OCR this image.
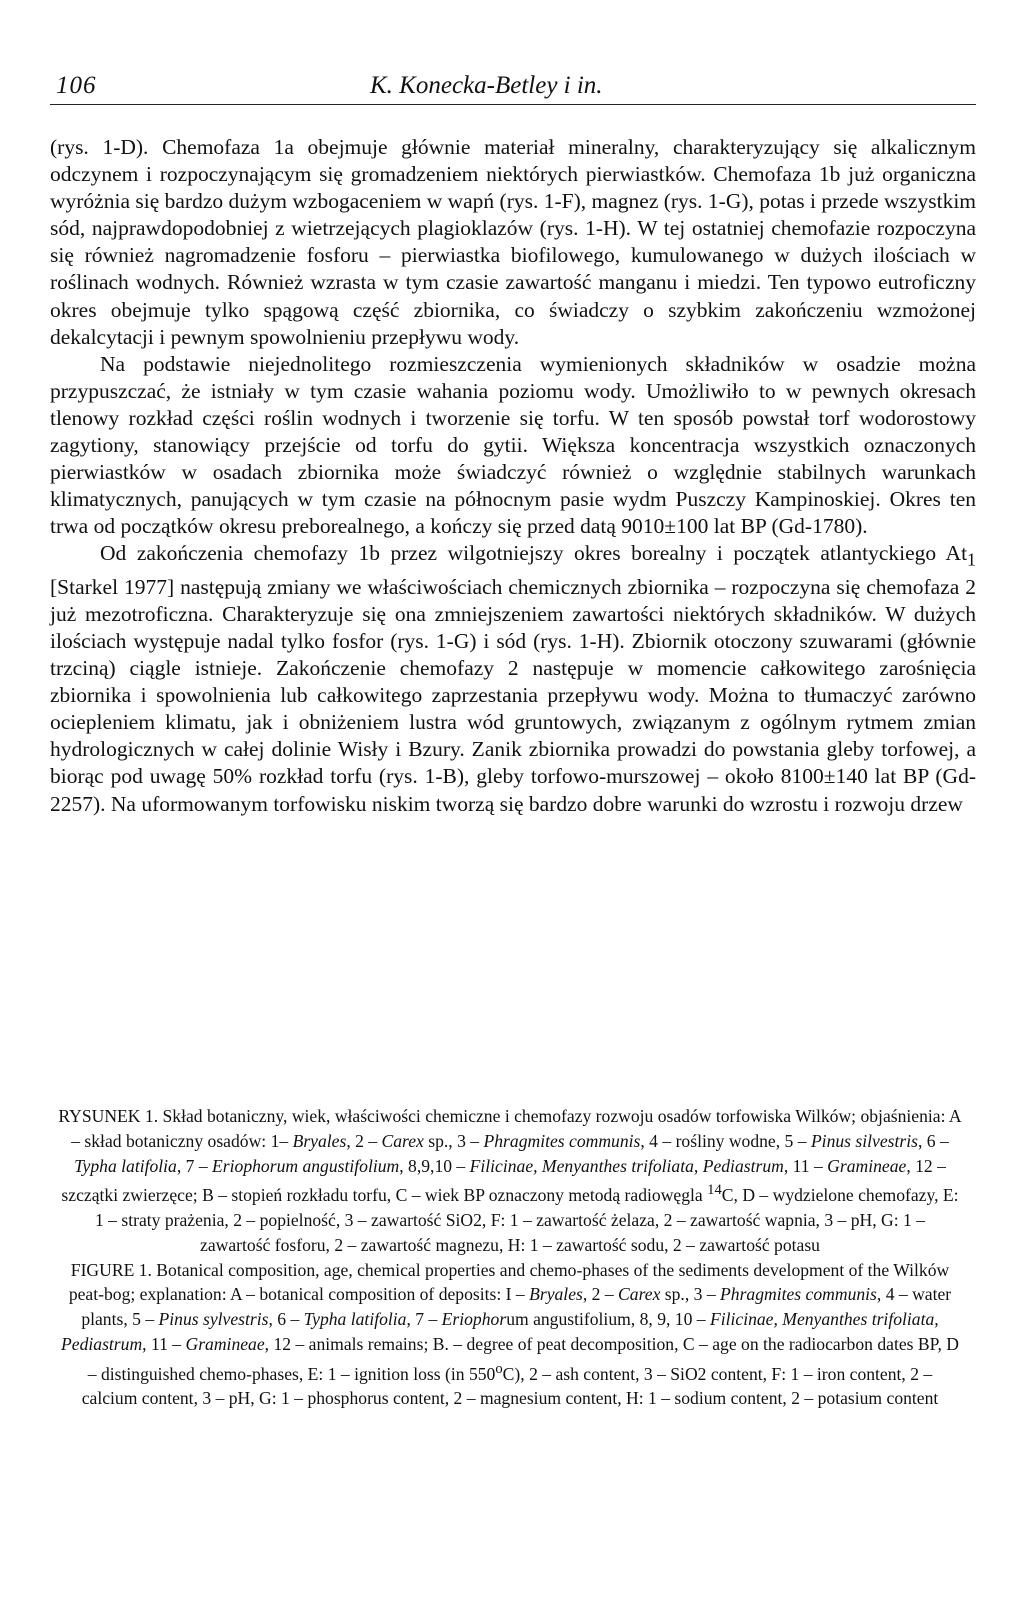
106	K. Konecka-Betley i in.

(rys. 1-D). Chemofaza 1a obejmuje głównie materiał mineralny, charakteryzujący się alkalicznym odczynem i rozpoczynającym się gromadzeniem niektórych pierwiastków. Chemofaza 1b już organiczna wyróżnia się bardzo dużym wzbogaceniem w wapń (rys. 1-F), magnez (rys. 1-G), potas i przede wszystkim sód, najprawdopodobniej z wietrzejących plagioklazów (rys. 1-H). W tej ostatniej chemofazie rozpoczyna się również nagromadzenie fosforu – pierwiastka biofilowego, kumulowanego w dużych ilościach w roślinach wodnych. Również wzrasta w tym czasie zawartość manganu i miedzi. Ten typowo eutroficzny okres obejmuje tylko spągową część zbiornika, co świadczy o szybkim zakończeniu wzmożonej dekalcytacji i pewnym spowolnieniu przepływu wody.

Na podstawie niejednolitego rozmieszczenia wymienionych składników w osadzie można przypuszczać, że istniały w tym czasie wahania poziomu wody. Umożliwiło to w pewnych okresach tlenowy rozkład części roślin wodnych i tworzenie się torfu. W ten sposób powstał torf wodorostowy zagytiony, stanowiący przejście od torfu do gytii. Większa koncentracja wszystkich oznaczonych pierwiastków w osadach zbiornika może świadczyć również o względnie stabilnych warunkach klimatycznych, panujących w tym czasie na północnym pasie wydm Puszczy Kampinoskiej. Okres ten trwa od początków okresu preborealnego, a kończy się przed datą 9010±100 lat BP (Gd-1780).

Od zakończenia chemofazy 1b przez wilgotniejszy okres borealny i początek atlantyckiego $At_1$ [Starkel 1977] następują zmiany we właściwościach chemicznych zbiornika – rozpoczyna się chemofaza 2 już mezotroficzna. Charakteryzuje się ona zmniejszeniem zawartości niektórych składników. W dużych ilościach występuje nadal tylko fosfor (rys. 1-G) i sód (rys. 1-H). Zbiornik otoczony szuwarami (głównie trzciną) ciągle istnieje. Zakończenie chemofazy 2 następuje w momencie całkowitego zarośnięcia zbiornika i spowolnienia lub całkowitego zaprzestania przepływu wody. Można to tłumaczyć zarówno ociepleniem klimatu, jak i obniżeniem lustra wód gruntowych, związanym z ogólnym rytmem zmian hydrologicznych w całej dolinie Wisły i Bzury. Zanik zbiornika prowadzi do powstania gleby torfowej, a biorąc pod uwagę 50% rozkład torfu (rys. 1-B), gleby torfowo-murszowej – około 8100±140 lat BP (Gd-2257). Na uformowanym torfowisku niskim tworzą się bardzo dobre warunki do wzrostu i rozwoju drzew

RYSUNEK 1. Skład botaniczny, wiek, właściwości chemiczne i chemofazy rozwoju osadów torfowiska Wilków; objaśnienia: A – skład botaniczny osadów: 1– Bryales, 2 – Carex sp., 3 – Phragmites communis, 4 – rośliny wodne, 5 – Pinus silvestris, 6 – Typha latifolia, 7 – Eriophorum angustifolium, 8,9,10 – Filicinae, Menyanthes trifoliata, Pediastrum, 11 – Gramineae, 12 – szczątki zwierzęce; B – stopień rozkładu torfu, C – wiek BP oznaczony metodą radiowęgla $^{14}$C, D – wydzielone chemofazy, E: 1 – straty prażenia, 2 – popielność, 3 – zawartość SiO2, F: 1 – zawartość żelaza, 2 – zawartość wapnia, 3 – pH, G: 1 – zawartość fosforu, 2 – zawartość magnezu, H: 1 – zawartość sodu, 2 – zawartość potasu

FIGURE 1. Botanical composition, age, chemical properties and chemo-phases of the sediments development of the Wilków peat-bog; explanation: A – botanical composition of deposits: I – Bryales, 2 – Carex sp., 3 – Phragmites communis, 4 – water plants, 5 – Pinus sylvestris, 6 – Typha latifolia, 7 – Eriophorum angustifolium, 8, 9, 10 – Filicinae, Menyanthes trifoliata, Pediastrum, 11 – Gramineae, 12 – animals remains; B. – degree of peat decomposition, C – age on the radiocarbon dates BP, D – distinguished chemo-phases, E: 1 – ignition loss (in 550$^o$C), 2 – ash content, 3 – SiO2 content, F: 1 – iron content, 2 – calcium content, 3 – pH, G: 1 – phosphorus content, 2 – magnesium content, H: 1 – sodium content, 2 – potasium content
